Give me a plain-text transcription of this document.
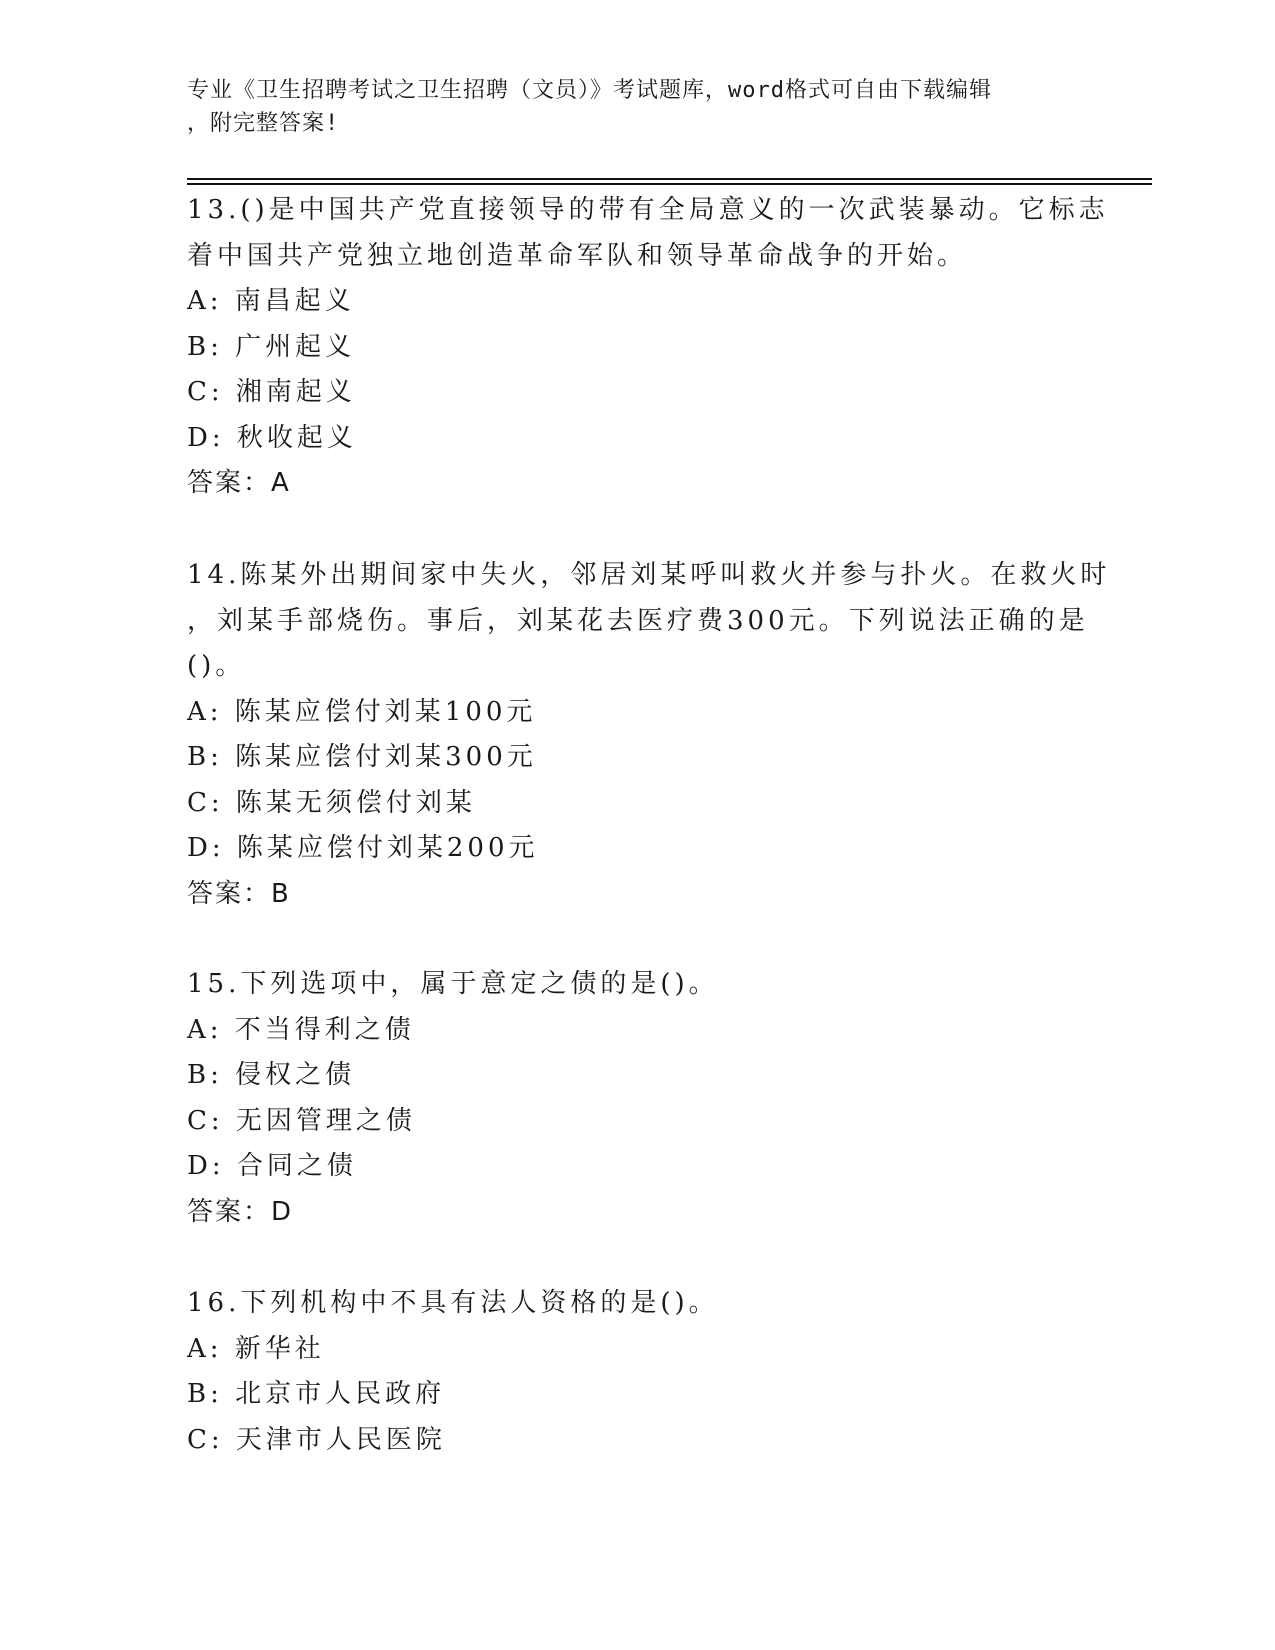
专业《卫生招聘考试之卫生招聘（文员）》考试题库，word格式可自由下载编辑
，附完整答案!
13.()是中国共产党直接领导的带有全局意义的一次武装暴动。它标志
着中国共产党独立地创造革命军队和领导革命战争的开始。
A: 南昌起义
B: 广州起义
C: 湘南起义
D: 秋收起义
答案：A
14.陈某外出期间家中失火，邻居刘某呼叫救火并参与扑火。在救火时
，刘某手部烧伤。事后，刘某花去医疗费300元。下列说法正确的是
()。
A: 陈某应偿付刘某100元
B: 陈某应偿付刘某300元
C: 陈某无须偿付刘某
D: 陈某应偿付刘某200元
答案：B
15.下列选项中，属于意定之债的是()。
A: 不当得利之债
B: 侵权之债
C: 无因管理之债
D: 合同之债
答案：D
16.下列机构中不具有法人资格的是()。
A: 新华社
B: 北京市人民政府
C: 天津市人民医院
